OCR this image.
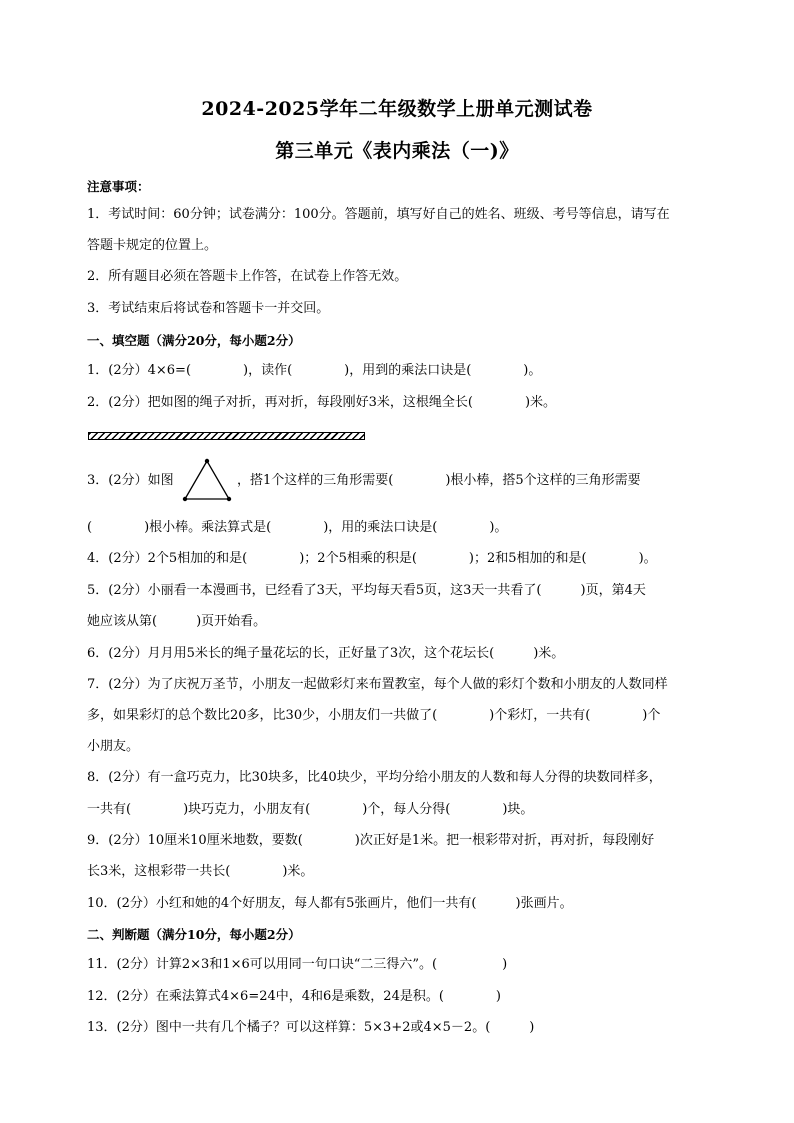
2024-2025学年二年级数学上册单元测试卷
第三单元《表内乘法（一)》
注意事项：
1．考试时间：60分钟；试卷满分：100分。答题前，填写好自己的姓名、班级、考号等信息，请写在
答题卡规定的位置上。
2．所有题目必须在答题卡上作答，在试卷上作答无效。
3．考试结束后将试卷和答题卡一并交回。
一、填空题（满分20分，每小题2分）
1．(2分）4×6=(　　　　)，读作(　　　　)，用到的乘法口诀是(　　　　)。
2．(2分）把如图的绳子对折，再对折，每段刚好3米，这根绳全长(　　　　)米。
3．(2分）如图	，搭1个这样的三角形需要(　　　　)根小棒，搭5个这样的三角形需要
(　　　　)根小棒。乘法算式是(　　　　)，用的乘法口诀是(　　　　)。
4．(2分）2个5相加的和是(　　　　)；2个5相乘的积是(　　　　)；2和5相加的和是(　　　　)。
5．(2分）小丽看一本漫画书，已经看了3天，平均每天看5页，这3天一共看了(　　　)页，第4天
她应该从第(　　　)页开始看。
6．(2分）月月用5米长的绳子量花坛的长，正好量了3次，这个花坛长(　　　)米。
7．(2分）为了庆祝万圣节，小朋友一起做彩灯来布置教室，每个人做的彩灯个数和小朋友的人数同样
多，如果彩灯的总个数比20多，比30少，小朋友们一共做了(　　　　)个彩灯，一共有(　　　　)个
小朋友。
8．(2分）有一盒巧克力，比30块多，比40块少，平均分给小朋友的人数和每人分得的块数同样多，
一共有(　　　　)块巧克力，小朋友有(　　　　)个，每人分得(　　　　)块。
9．(2分）10厘米10厘米地数，要数(　　　　)次正好是1米。把一根彩带对折，再对折，每段刚好
长3米，这根彩带一共长(　　　　)米。
10．(2分）小红和她的4个好朋友，每人都有5张画片，他们一共有(　　　)张画片。
二、判断题（满分10分，每小题2分）
11．(2分）计算2×3和1×6可以用同一句口诀“二三得六”。(　　　　　)
12．(2分）在乘法算式4×6=24中，4和6是乘数，24是积。(　　　　)
13．(2分）图中一共有几个橘子？可以这样算：5×3+2或4×5－2。(　　　)
